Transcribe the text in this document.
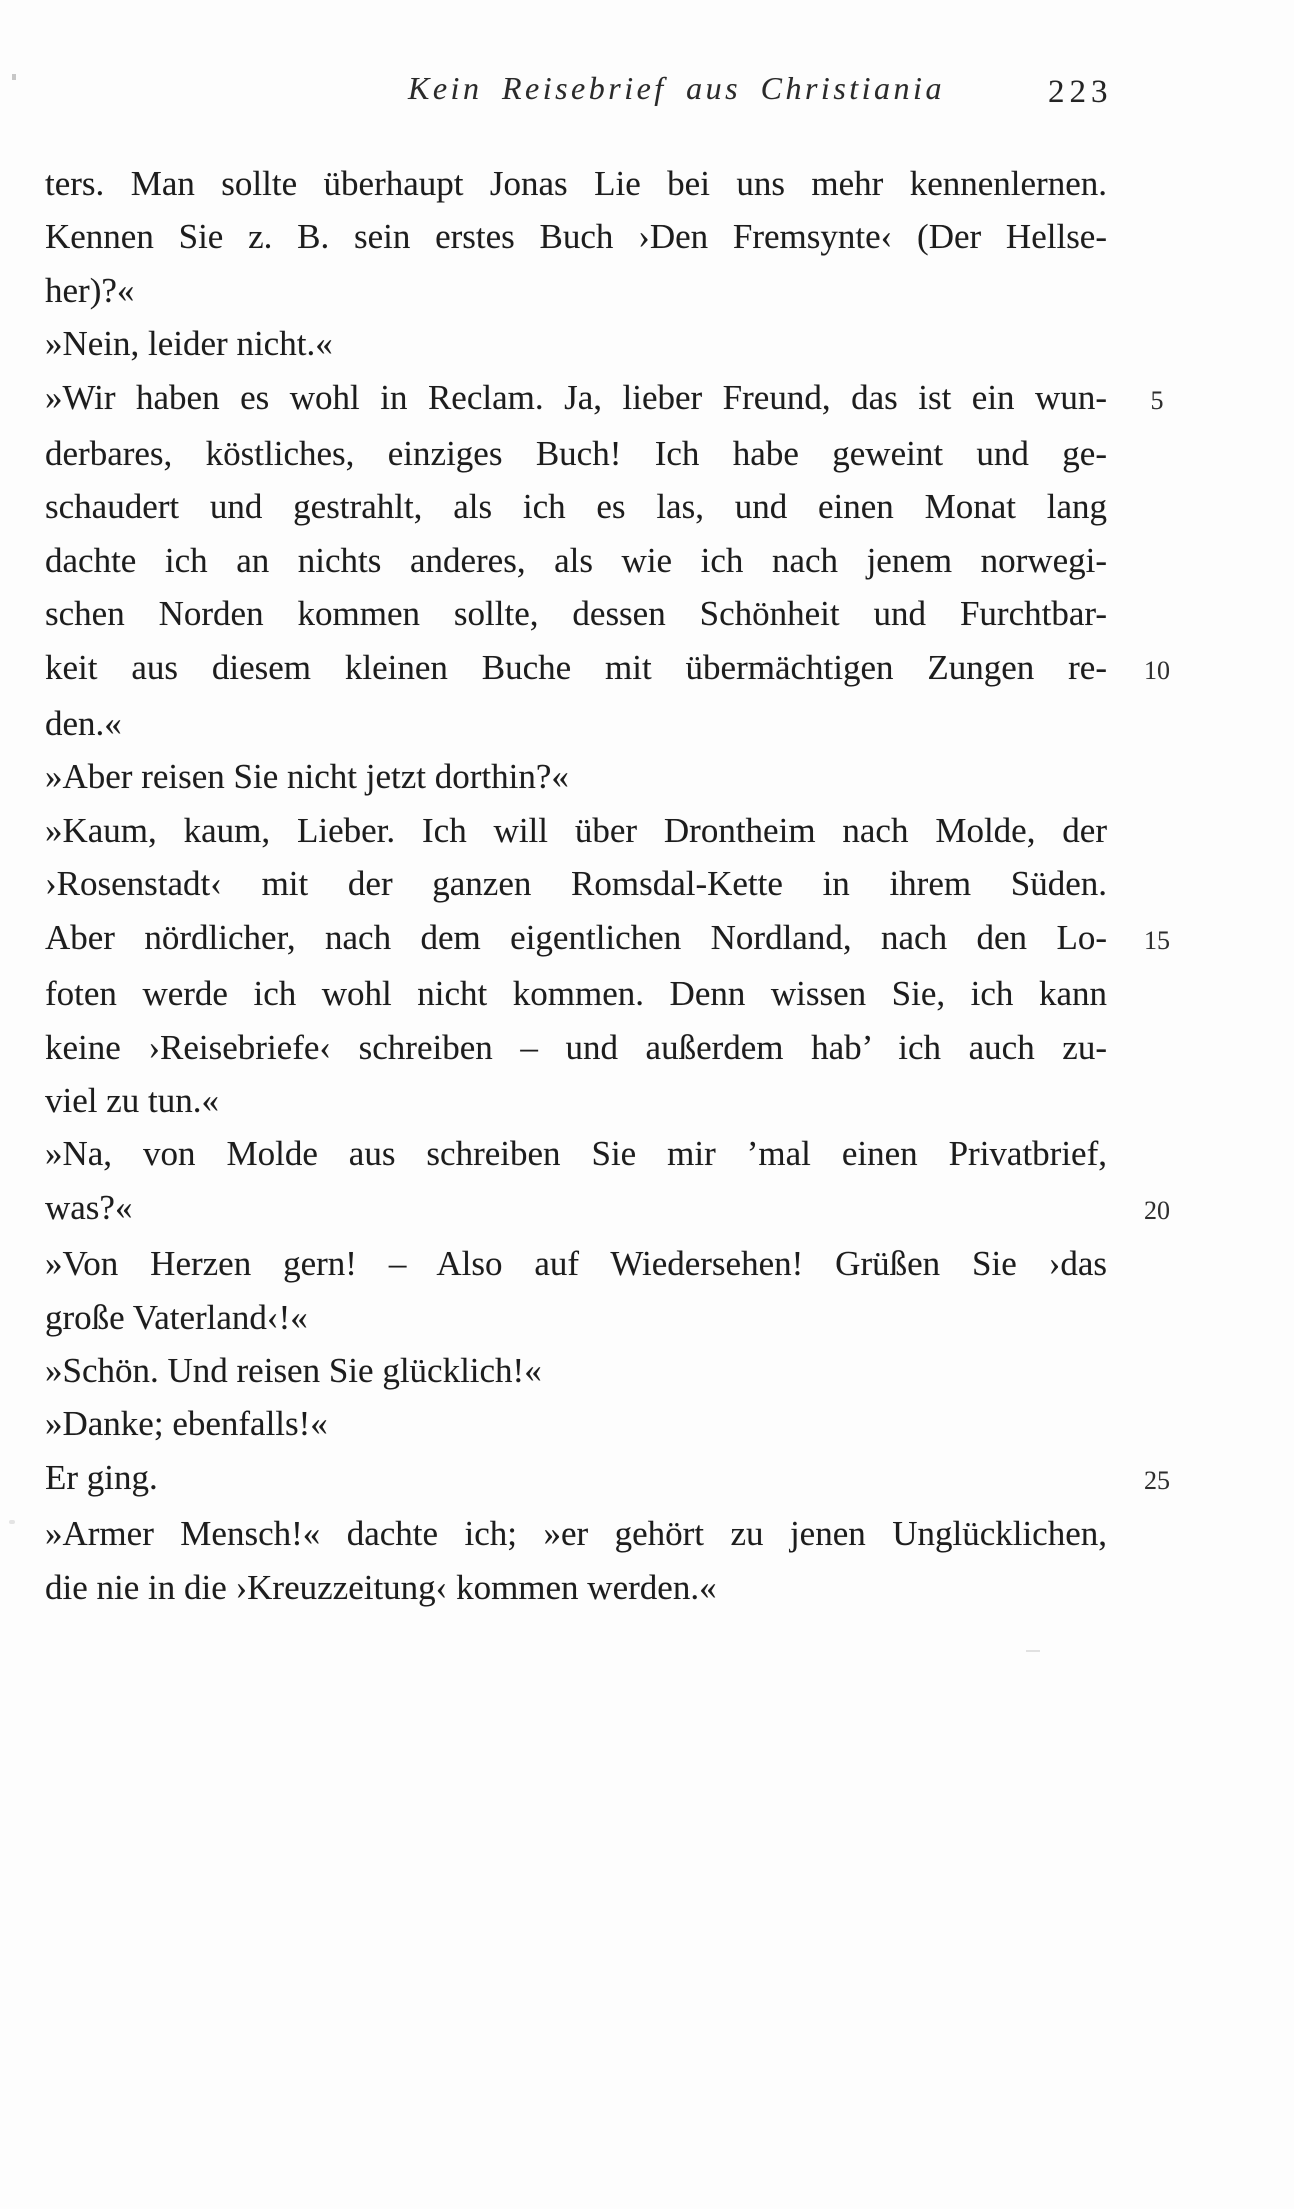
Kein Reisebrief aus Christiania	223
ters. Man sollte überhaupt Jonas Lie bei uns mehr kennenlernen.
Kennen Sie z. B. sein erstes Buch ›Den Fremsynte‹ (Der Hellse-
her)?«
»Nein, leider nicht.«
»Wir haben es wohl in Reclam. Ja, lieber Freund, das ist ein wun-	5
derbares, köstliches, einziges Buch! Ich habe geweint und ge-
schaudert und gestrahlt, als ich es las, und einen Monat lang
dachte ich an nichts anderes, als wie ich nach jenem norwegi-
schen Norden kommen sollte, dessen Schönheit und Furchtbar-
keit aus diesem kleinen Buche mit übermächtigen Zungen re-	10
den.«
»Aber reisen Sie nicht jetzt dorthin?«
»Kaum, kaum, Lieber. Ich will über Drontheim nach Molde, der
›Rosenstadt‹ mit der ganzen Romsdal-Kette in ihrem Süden.
Aber nördlicher, nach dem eigentlichen Nordland, nach den Lo-	15
foten werde ich wohl nicht kommen. Denn wissen Sie, ich kann
keine ›Reisebriefe‹ schreiben – und außerdem hab’ ich auch zu-
viel zu tun.«
»Na, von Molde aus schreiben Sie mir ’mal einen Privatbrief,
was?«	20
»Von Herzen gern! – Also auf Wiedersehen! Grüßen Sie ›das
große Vaterland‹!«
»Schön. Und reisen Sie glücklich!«
»Danke; ebenfalls!«
Er ging.	25
»Armer Mensch!« dachte ich; »er gehört zu jenen Unglücklichen,
die nie in die ›Kreuzzeitung‹ kommen werden.«
